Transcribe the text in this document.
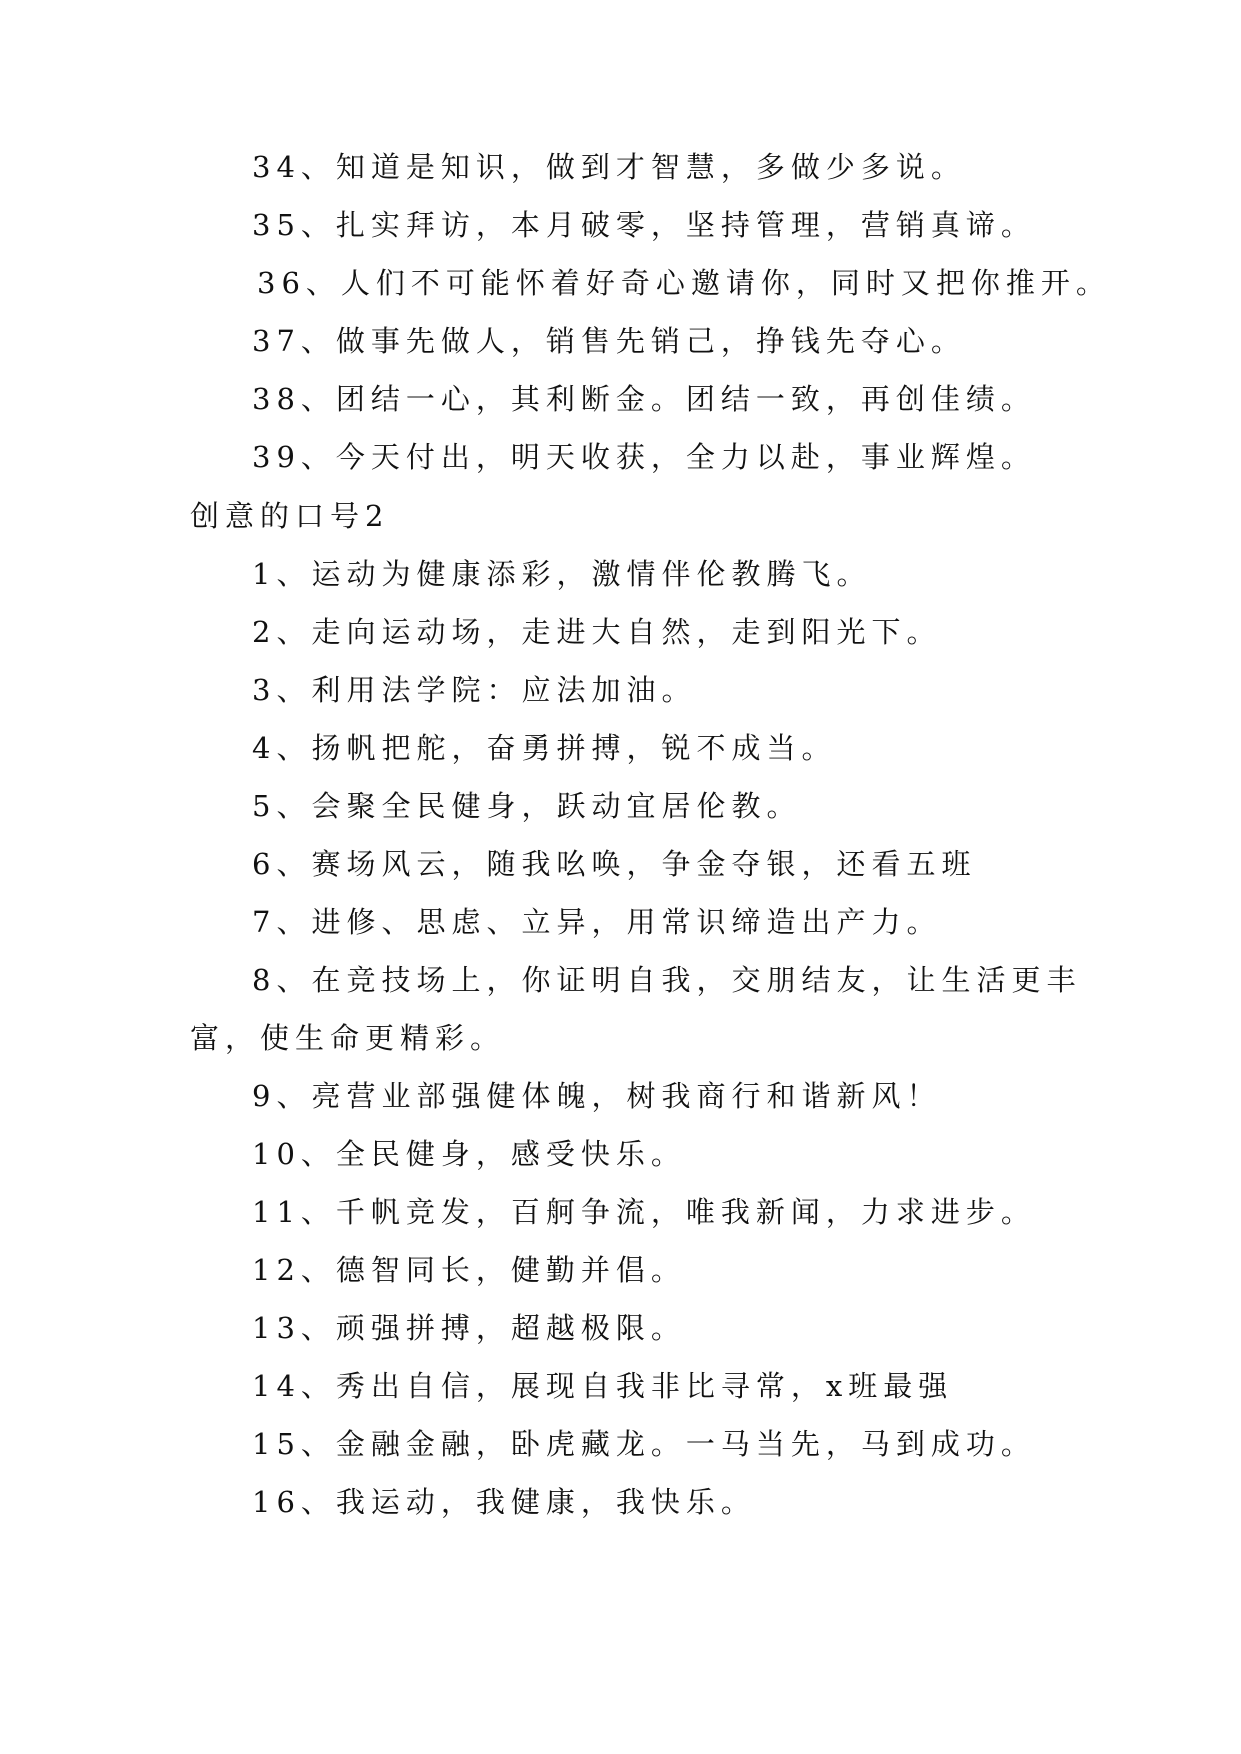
34、知道是知识，做到才智慧，多做少多说。
35、扎实拜访，本月破零，坚持管理，营销真谛。
36、人们不可能怀着好奇心邀请你，同时又把你推开。
37、做事先做人，销售先销己，挣钱先夺心。
38、团结一心，其利断金。团结一致，再创佳绩。
39、今天付出，明天收获，全力以赴，事业辉煌。
创意的口号2
1、运动为健康添彩，激情伴伦教腾飞。
2、走向运动场，走进大自然，走到阳光下。
3、利用法学院：应法加油。
4、扬帆把舵，奋勇拼搏，锐不成当。
5、会聚全民健身，跃动宜居伦教。
6、赛场风云，随我吆唤，争金夺银，还看五班
7、进修、思虑、立异，用常识缔造出产力。
8、在竞技场上，你证明自我，交朋结友，让生活更丰
富，使生命更精彩。
9、亮营业部强健体魄，树我商行和谐新风！
10、全民健身，感受快乐。
11、千帆竞发，百舸争流，唯我新闻，力求进步。
12、德智同长，健勤并倡。
13、顽强拼搏，超越极限。
14、秀出自信，展现自我非比寻常，x班最强
15、金融金融，卧虎藏龙。一马当先，马到成功。
16、我运动，我健康，我快乐。
